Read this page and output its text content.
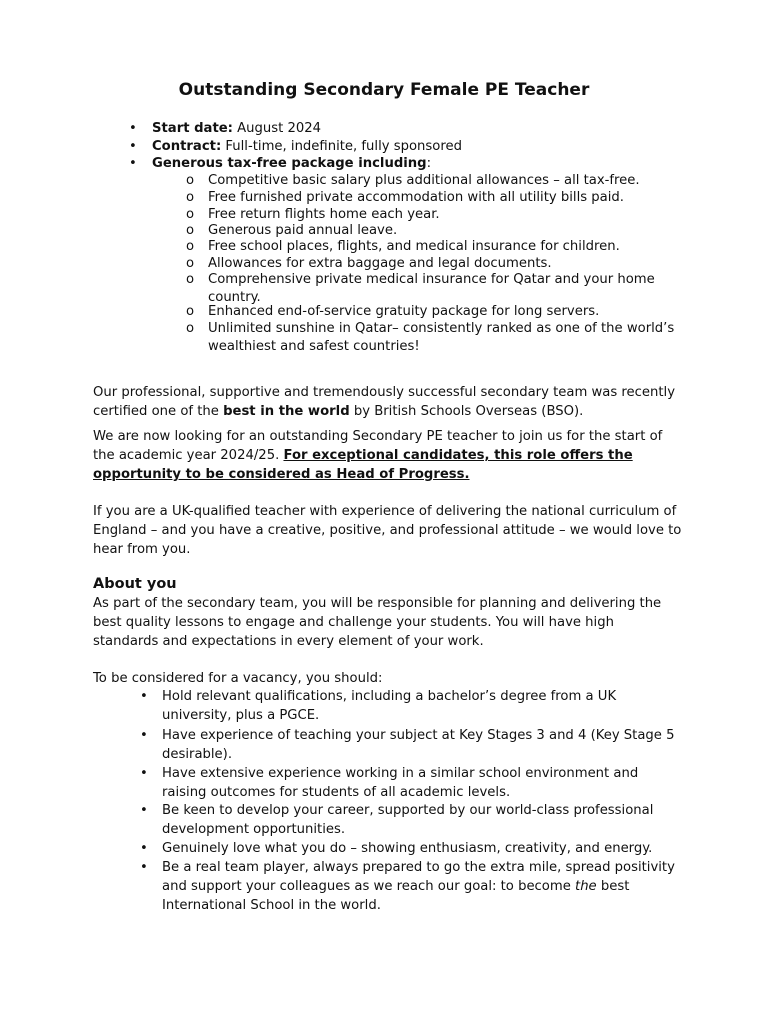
Outstanding Secondary Female PE Teacher
• Start date: August 2024
• Contract: Full-time, indefinite, fully sponsored
• Generous tax-free package including:
o Competitive basic salary plus additional allowances – all tax-free.
o Free furnished private accommodation with all utility bills paid.
o Free return flights home each year.
o Generous paid annual leave.
o Free school places, flights, and medical insurance for children.
o Allowances for extra baggage and legal documents.
o Comprehensive private medical insurance for Qatar and your home country.
o Enhanced end-of-service gratuity package for long servers.
o Unlimited sunshine in Qatar– consistently ranked as one of the world’s wealthiest and safest countries!

Our professional, supportive and tremendously successful secondary team was recently certified one of the best in the world by British Schools Overseas (BSO).

We are now looking for an outstanding Secondary PE teacher to join us for the start of the academic year 2024/25. For exceptional candidates, this role offers the opportunity to be considered as Head of Progress.

If you are a UK-qualified teacher with experience of delivering the national curriculum of England – and you have a creative, positive, and professional attitude – we would love to hear from you.

About you

As part of the secondary team, you will be responsible for planning and delivering the best quality lessons to engage and challenge your students. You will have high standards and expectations in every element of your work.

To be considered for a vacancy, you should:

• Hold relevant qualifications, including a bachelor’s degree from a UK university, plus a PGCE.
• Have experience of teaching your subject at Key Stages 3 and 4 (Key Stage 5 desirable).
• Have extensive experience working in a similar school environment and raising outcomes for students of all academic levels.
• Be keen to develop your career, supported by our world-class professional development opportunities.
• Genuinely love what you do – showing enthusiasm, creativity, and energy.
• Be a real team player, always prepared to go the extra mile, spread positivity and support your colleagues as we reach our goal: to become the best International School in the world.
